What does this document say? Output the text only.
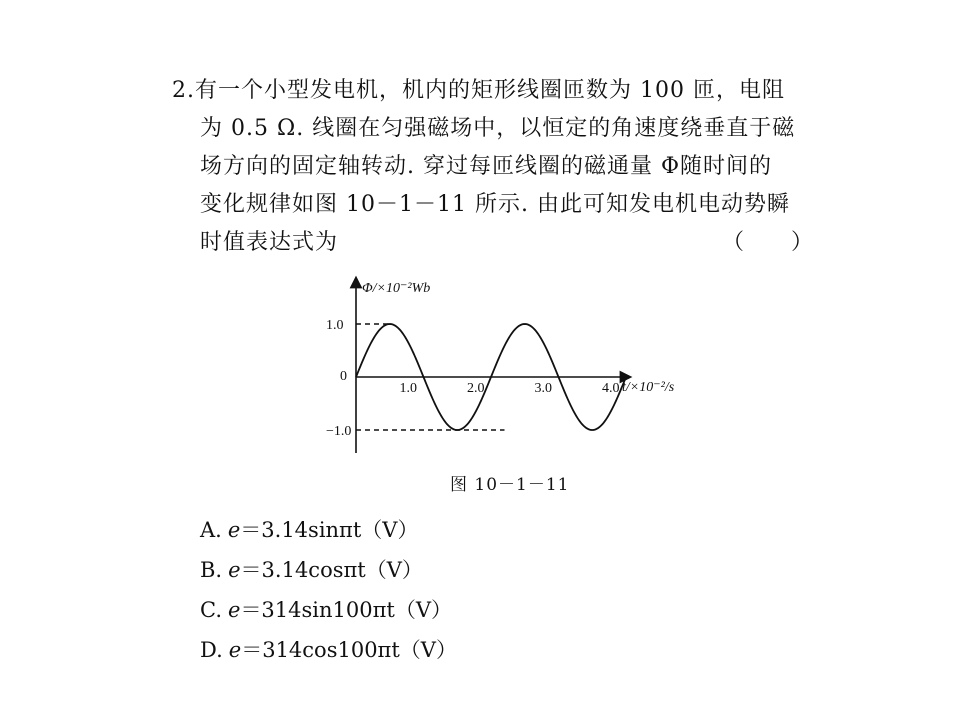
2.有一个小型发电机，机内的矩形线圈匝数为 100 匝，电阻
为 0.5 Ω. 线圈在匀强磁场中，以恒定的角速度绕垂直于磁
场方向的固定轴转动. 穿过每匝线圈的磁通量 Φ随时间的
变化规律如图 10－1－11 所示. 由此可知发电机电动势瞬
时值表达式为	（　　）
Φ/×10⁻²Wb
t/×10⁻²/s
0
1.0
−1.0
1.0	2.0	3.0	4.0
图 10－1－11
A. e＝3.14sinπt（V）
B. e＝3.14cosπt（V）
C. e＝314sin100πt（V）
D. e＝314cos100πt（V）
